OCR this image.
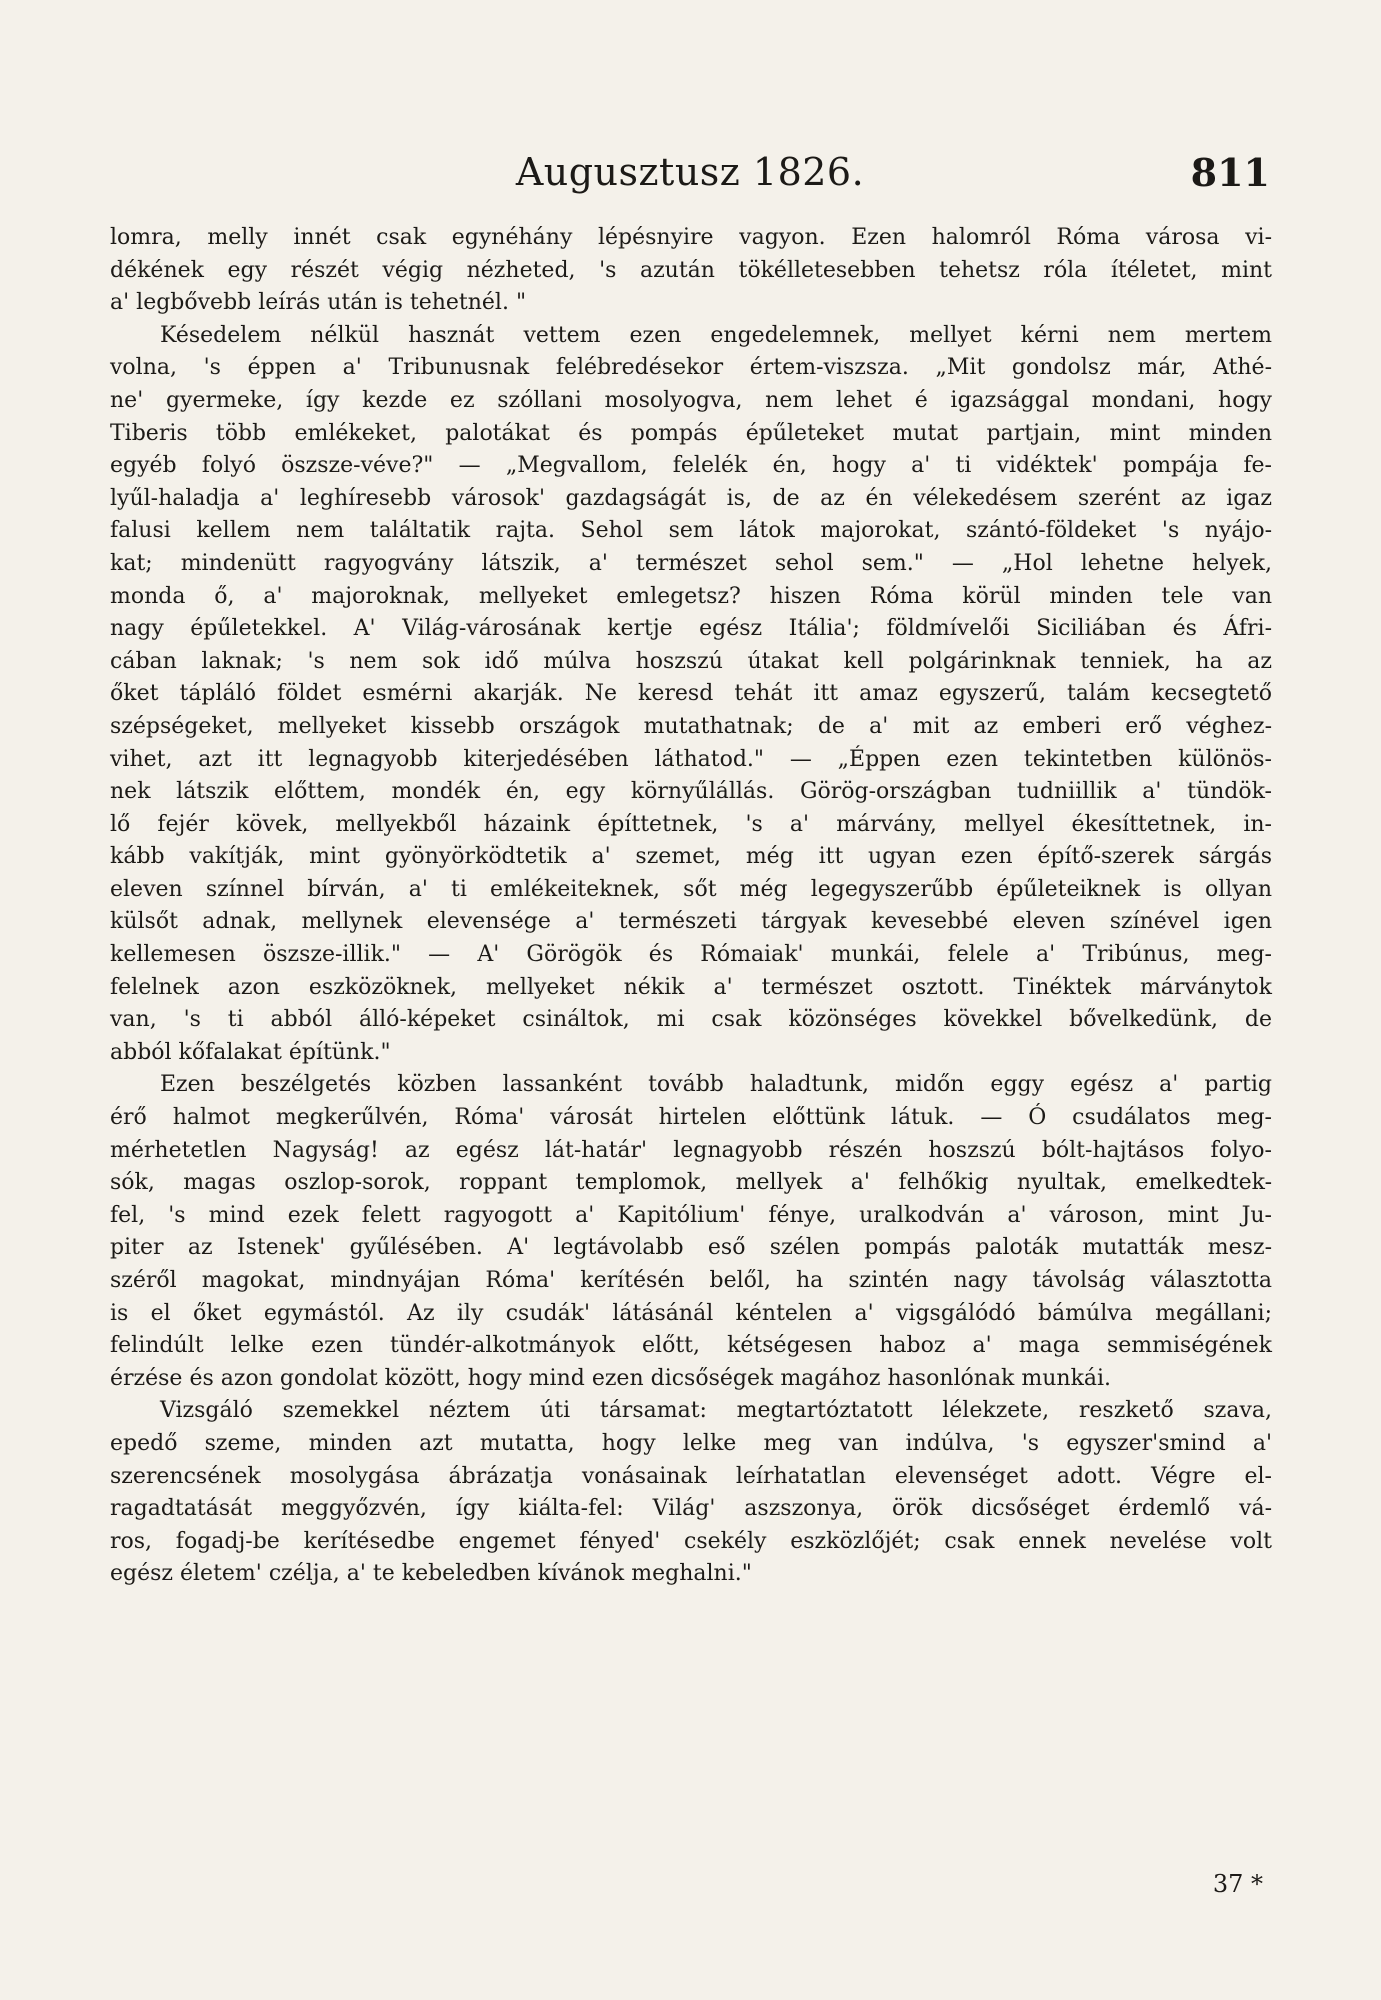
Augusztusz 1826.	811
lomra, melly innét csak egynéhány lépésnyire vagyon. Ezen halomról Róma városa vi-
dékének egy részét végig nézheted, 's azután tökélletesebben tehetsz róla ítéletet, mint
a' legbővebb leírás után is tehetnél. "
Késedelem nélkül hasznát vettem ezen engedelemnek, mellyet kérni nem mertem
volna, 's éppen a' Tribunusnak felébredésekor értem-viszsza. „Mit gondolsz már, Athé-
ne' gyermeke, így kezde ez szóllani mosolyogva, nem lehet é igazsággal mondani, hogy
Tiberis több emlékeket, palotákat és pompás épűleteket mutat partjain, mint minden
egyéb folyó öszsze-véve?" — „Megvallom, felelék én, hogy a' ti vidéktek' pompája fe-
lyűl-haladja a' leghíresebb városok' gazdagságát is, de az én vélekedésem szerént az igaz
falusi kellem nem találtatik rajta. Sehol sem látok majorokat, szántó-földeket 's nyájo-
kat; mindenütt ragyogvány látszik, a' természet sehol sem." — „Hol lehetne helyek,
monda ő, a' majoroknak, mellyeket emlegetsz? hiszen Róma körül minden tele van
nagy épűletekkel. A' Világ-városának kertje egész Itália'; földmívelői Siciliában és Áfri-
cában laknak; 's nem sok idő múlva hoszszú útakat kell polgárinknak tenniek, ha az
őket tápláló földet esmérni akarják. Ne keresd tehát itt amaz egyszerű, talám kecsegtető
szépségeket, mellyeket kissebb országok mutathatnak; de a' mit az emberi erő véghez-
vihet, azt itt legnagyobb kiterjedésében láthatod." — „Éppen ezen tekintetben különös-
nek látszik előttem, mondék én, egy környűlállás. Görög-országban tudniillik a' tündök-
lő fejér kövek, mellyekből házaink építtetnek, 's a' márvány, mellyel ékesíttetnek, in-
kább vakítják, mint gyönyörködtetik a' szemet, még itt ugyan ezen építő-szerek sárgás
eleven színnel bírván, a' ti emlékeiteknek, sőt még legegyszerűbb épűleteiknek is ollyan
külsőt adnak, mellynek elevensége a' természeti tárgyak kevesebbé eleven színével igen
kellemesen öszsze-illik." — A' Görögök és Rómaiak' munkái, felele a' Tribúnus, meg-
felelnek azon eszközöknek, mellyeket nékik a' természet osztott. Tinéktek márványtok
van, 's ti abból álló-képeket csináltok, mi csak közönséges kövekkel bővelkedünk, de
abból kőfalakat építünk."
Ezen beszélgetés közben lassanként tovább haladtunk, midőn eggy egész a' partig
érő halmot megkerűlvén, Róma' városát hirtelen előttünk látuk. — Ó csudálatos meg-
mérhetetlen Nagyság! az egész lát-határ' legnagyobb részén hoszszú bólt-hajtásos folyo-
sók, magas oszlop-sorok, roppant templomok, mellyek a' felhőkig nyultak, emelkedtek-
fel, 's mind ezek felett ragyogott a' Kapitólium' fénye, uralkodván a' városon, mint Ju-
piter az Istenek' gyűlésében. A' legtávolabb eső szélen pompás paloták mutatták mesz-
széről magokat, mindnyájan Róma' kerítésén belől, ha szintén nagy távolság választotta
is el őket egymástól. Az ily csudák' látásánál kéntelen a' vigsgálódó bámúlva megállani;
felindúlt lelke ezen tündér-alkotmányok előtt, kétségesen haboz a' maga semmiségének
érzése és azon gondolat között, hogy mind ezen dicsőségek magához hasonlónak munkái.
Vizsgáló szemekkel néztem úti társamat: megtartóztatott lélekzete, reszkető szava,
epedő szeme, minden azt mutatta, hogy lelke meg van indúlva, 's egyszer'smind a'
szerencsének mosolygása ábrázatja vonásainak leírhatatlan elevenséget adott. Végre el-
ragadtatását meggyőzvén, így kiálta-fel: Világ' aszszonya, örök dicsőséget érdemlő vá-
ros, fogadj-be kerítésedbe engemet fényed' csekély eszközlőjét; csak ennek nevelése volt
egész életem' czélja, a' te kebeledben kívánok meghalni."
37 *
